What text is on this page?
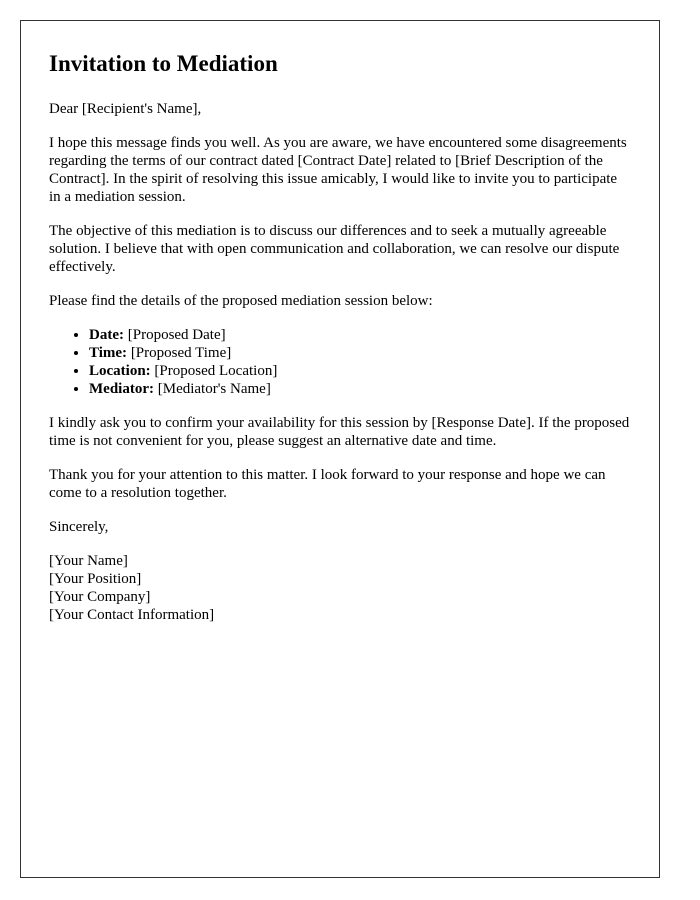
Invitation to Mediation

Dear [Recipient's Name],

I hope this message finds you well. As you are aware, we have encountered some disagreements regarding the terms of our contract dated [Contract Date] related to [Brief Description of the Contract]. In the spirit of resolving this issue amicably, I would like to invite you to participate in a mediation session.

The objective of this mediation is to discuss our differences and to seek a mutually agreeable solution. I believe that with open communication and collaboration, we can resolve our dispute effectively.

Please find the details of the proposed mediation session below:

• Date: [Proposed Date]
• Time: [Proposed Time]
• Location: [Proposed Location]
• Mediator: [Mediator's Name]

I kindly ask you to confirm your availability for this session by [Response Date]. If the proposed time is not convenient for you, please suggest an alternative date and time.

Thank you for your attention to this matter. I look forward to your response and hope we can come to a resolution together.

Sincerely,

[Your Name]

[Your Position]

[Your Company]

[Your Contact Information]
